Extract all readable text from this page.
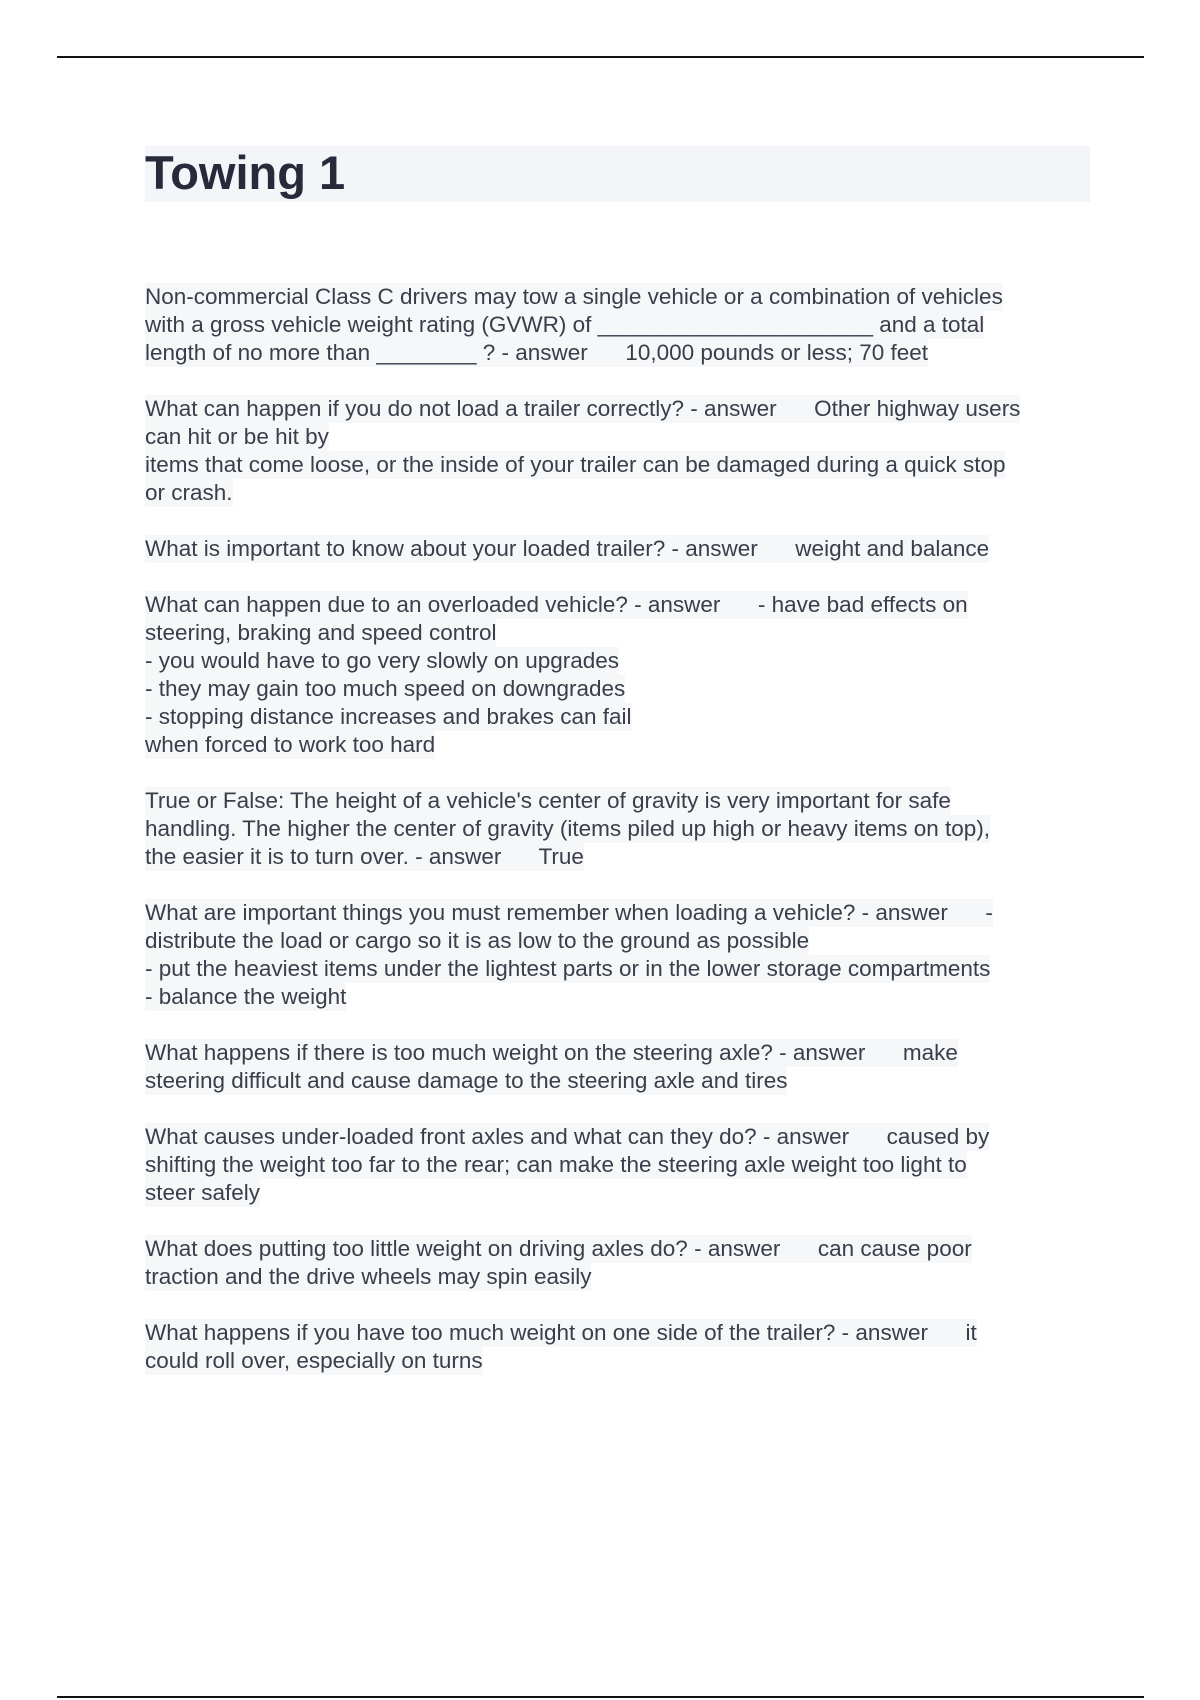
Towing 1
Non-commercial Class C drivers may tow a single vehicle or a combination of vehicles
with a gross vehicle weight rating (GVWR) of ______________________ and a total
length of no more than ________ ? - answer      10,000 pounds or less; 70 feet
What can happen if you do not load a trailer correctly? - answer      Other highway users
can hit or be hit by
items that come loose, or the inside of your trailer can be damaged during a quick stop
or crash.
What is important to know about your loaded trailer? - answer      weight and balance
What can happen due to an overloaded vehicle? - answer      - have bad effects on
steering, braking and speed control
- you would have to go very slowly on upgrades
- they may gain too much speed on downgrades
- stopping distance increases and brakes can fail
when forced to work too hard
True or False: The height of a vehicle's center of gravity is very important for safe
handling. The higher the center of gravity (items piled up high or heavy items on top),
the easier it is to turn over. - answer      True
What are important things you must remember when loading a vehicle? - answer      -
distribute the load or cargo so it is as low to the ground as possible
- put the heaviest items under the lightest parts or in the lower storage compartments
- balance the weight
What happens if there is too much weight on the steering axle? - answer      make
steering difficult and cause damage to the steering axle and tires
What causes under-loaded front axles and what can they do? - answer      caused by
shifting the weight too far to the rear; can make the steering axle weight too light to
steer safely
What does putting too little weight on driving axles do? - answer      can cause poor
traction and the drive wheels may spin easily
What happens if you have too much weight on one side of the trailer? - answer      it
could roll over, especially on turns
